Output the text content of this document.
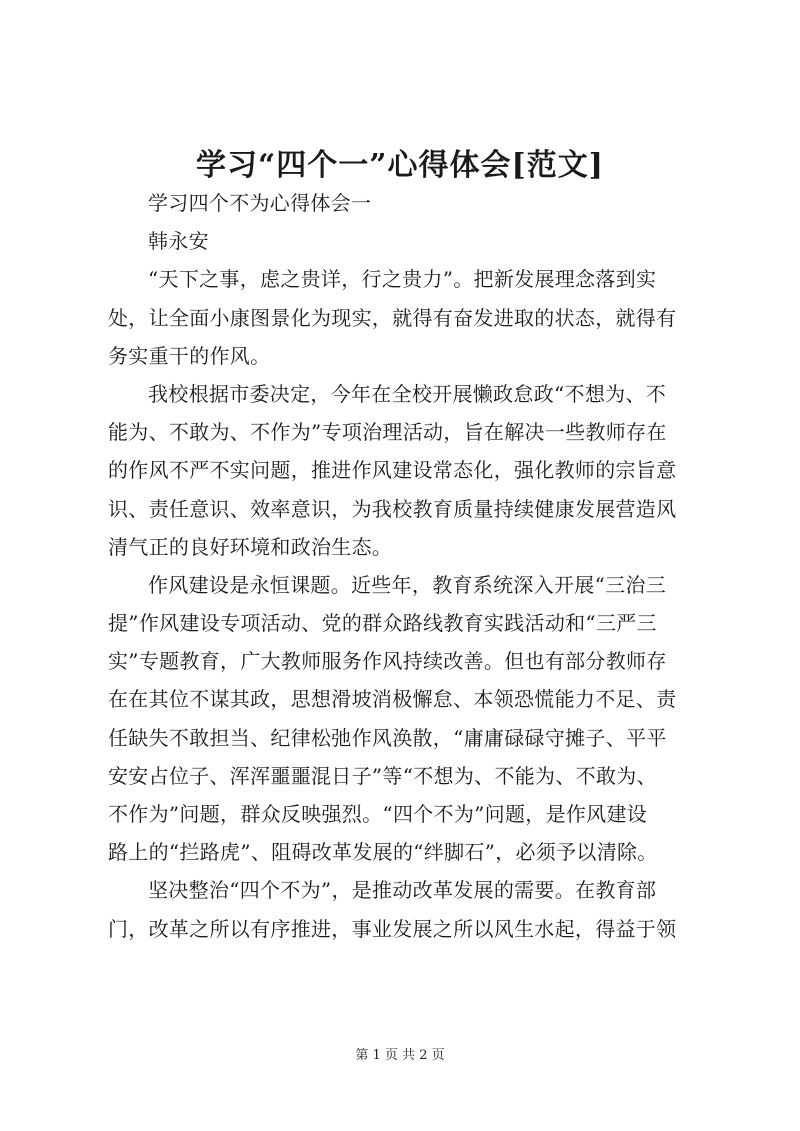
学习“四个一”心得体会[范文]
学习四个不为心得体会一
韩永安
“天下之事，虑之贵详，行之贵力”。把新发展理念落到实
处，让全面小康图景化为现实，就得有奋发进取的状态，就得有
务实重干的作风。
我校根据市委决定，今年在全校开展懒政怠政“不想为、不
能为、不敢为、不作为”专项治理活动，旨在解决一些教师存在
的作风不严不实问题，推进作风建设常态化，强化教师的宗旨意
识、责任意识、效率意识，为我校教育质量持续健康发展营造风
清气正的良好环境和政治生态。
作风建设是永恒课题。近些年，教育系统深入开展“三治三
提”作风建设专项活动、党的群众路线教育实践活动和“三严三
实”专题教育，广大教师服务作风持续改善。但也有部分教师存
在在其位不谋其政，思想滑坡消极懈怠、本领恐慌能力不足、责
任缺失不敢担当、纪律松弛作风涣散，“庸庸碌碌守摊子、平平
安安占位子、浑浑噩噩混日子”等“不想为、不能为、不敢为、
不作为”问题，群众反映强烈。“四个不为”问题，是作风建设
路上的“拦路虎”、阻碍改革发展的“绊脚石”，必须予以清除。
坚决整治“四个不为”，是推动改革发展的需要。在教育部
门，改革之所以有序推进，事业发展之所以风生水起，得益于领
第 1 页 共 2 页
